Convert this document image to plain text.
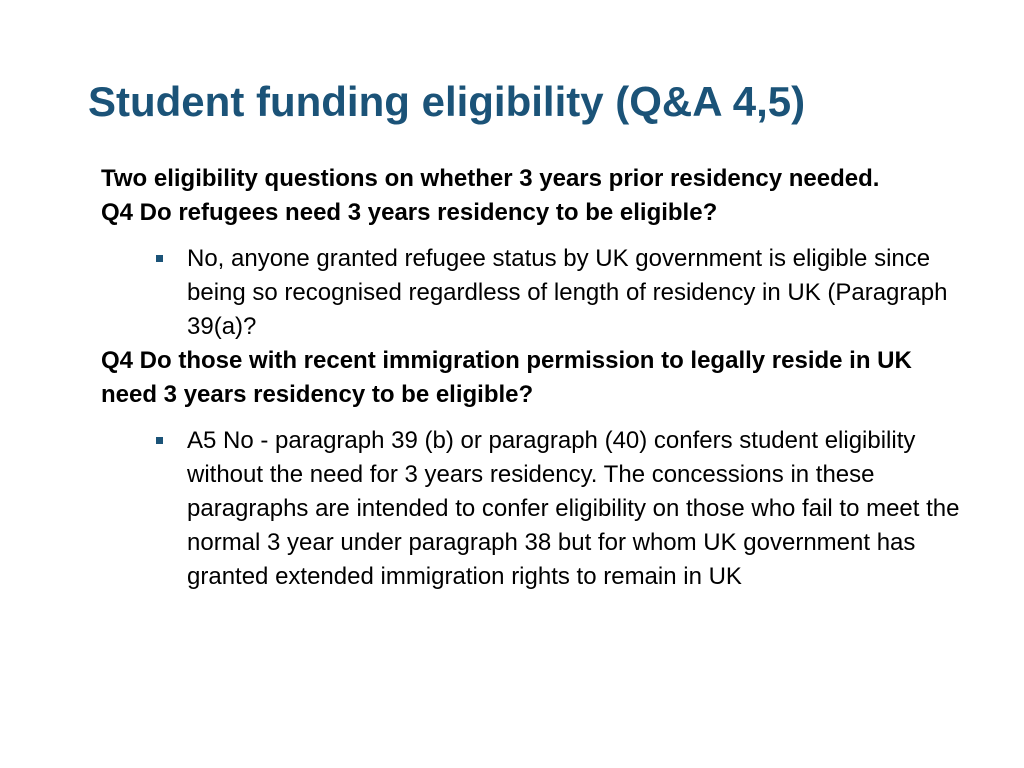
Student funding eligibility (Q&A 4,5)

Two eligibility questions on whether 3 years prior residency needed.

Q4 Do refugees need 3 years residency to be eligible?

No, anyone granted refugee status by UK government is eligible since being so recognised regardless of length of residency in UK (Paragraph 39(a)?

Q4 Do those with recent immigration permission to legally reside in UK need 3 years residency to be eligible?

A5 No - paragraph 39 (b) or paragraph (40) confers student eligibility without the need for 3 years residency. The concessions in these paragraphs are intended to confer eligibility on those who fail to meet the normal 3 year under paragraph 38 but for whom UK government has granted extended immigration rights to remain in UK
